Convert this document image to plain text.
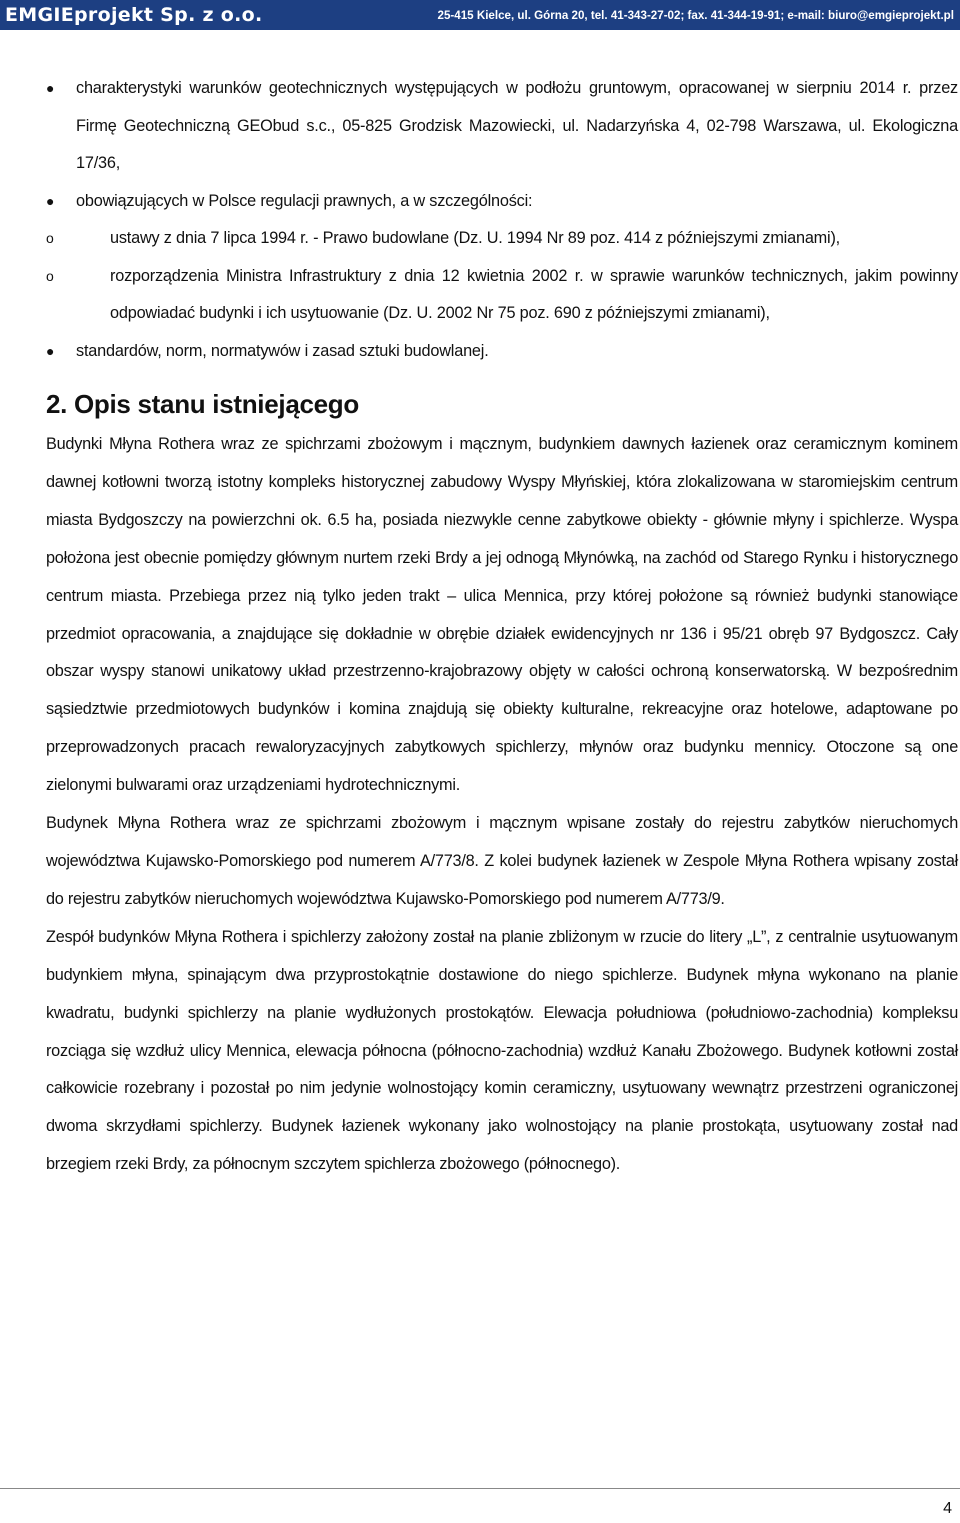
EMGIEprojekt Sp. z o.o.	25-415 Kielce, ul. Górna 20, tel. 41-343-27-02; fax. 41-344-19-91; e-mail: biuro@emgieprojekt.pl
● charakterystyki warunków geotechnicznych występujących w podłożu gruntowym, opracowanej w sierpniu 2014 r. przez Firmę Geotechniczną GEObud s.c., 05-825 Grodzisk Mazowiecki, ul. Nadarzyńska 4, 02-798 Warszawa, ul. Ekologiczna 17/36,
● obowiązujących w Polsce regulacji prawnych, a w szczególności:
o	ustawy z dnia 7 lipca 1994 r. - Prawo budowlane (Dz. U. 1994 Nr 89 poz. 414 z późniejszymi zmianami),
o	rozporządzenia Ministra Infrastruktury z dnia 12 kwietnia 2002 r. w sprawie warunków technicznych, jakim powinny odpowiadać budynki i ich usytuowanie (Dz. U. 2002 Nr 75 poz. 690 z późniejszymi zmianami),
● standardów, norm, normatywów i zasad sztuki budowlanej.
2. Opis stanu istniejącego

Budynki Młyna Rothera wraz ze spichrzami zbożowym i mącznym, budynkiem dawnych łazienek oraz ceramicznym kominem dawnej kotłowni tworzą istotny kompleks historycznej zabudowy Wyspy Młyńskiej, która zlokalizowana w staromiejskim centrum miasta Bydgoszczy na powierzchni ok. 6.5 ha, posiada niezwykle cenne zabytkowe obiekty - głównie młyny i spichlerze. Wyspa położona jest obecnie pomiędzy głównym nurtem rzeki Brdy a jej odnogą Młynówką, na zachód od Starego Rynku i historycznego centrum miasta. Przebiega przez nią tylko jeden trakt – ulica Mennica, przy której położone są również budynki stanowiące przedmiot opracowania, a znajdujące się dokładnie w obrębie działek ewidencyjnych nr 136 i 95/21 obręb 97 Bydgoszcz. Cały obszar wyspy stanowi unikatowy układ przestrzenno-krajobrazowy objęty w całości ochroną konserwatorską. W bezpośrednim sąsiedztwie przedmiotowych budynków i komina znajdują się obiekty kulturalne, rekreacyjne oraz hotelowe, adaptowane po przeprowadzonych pracach rewaloryzacyjnych zabytkowych spichlerzy, młynów oraz budynku mennicy. Otoczone są one zielonymi bulwarami oraz urządzeniami hydrotechnicznymi.

Budynek Młyna Rothera wraz ze spichrzami zbożowym i mącznym wpisane zostały do rejestru zabytków nieruchomych województwa Kujawsko-Pomorskiego pod numerem A/773/8. Z kolei budynek łazienek w Zespole Młyna Rothera wpisany został do rejestru zabytków nieruchomych województwa Kujawsko-Pomorskiego pod numerem A/773/9.

Zespół budynków Młyna Rothera i spichlerzy założony został na planie zbliżonym w rzucie do litery „L”, z centralnie usytuowanym budynkiem młyna, spinającym dwa przyprostokątnie dostawione do niego spichlerze. Budynek młyna wykonano na planie kwadratu, budynki spichlerzy na planie wydłużonych prostokątów. Elewacja południowa (południowo-zachodnia) kompleksu rozciąga się wzdłuż ulicy Mennica, elewacja północna (północno-zachodnia) wzdłuż Kanału Zbożowego. Budynek kotłowni został całkowicie rozebrany i pozostał po nim jedynie wolnostojący komin ceramiczny, usytuowany wewnątrz przestrzeni ograniczonej dwoma skrzydłami spichlerzy. Budynek łazienek wykonany jako wolnostojący na planie prostokąta, usytuowany został nad brzegiem rzeki Brdy, za północnym szczytem spichlerza zbożowego (północnego).

4
